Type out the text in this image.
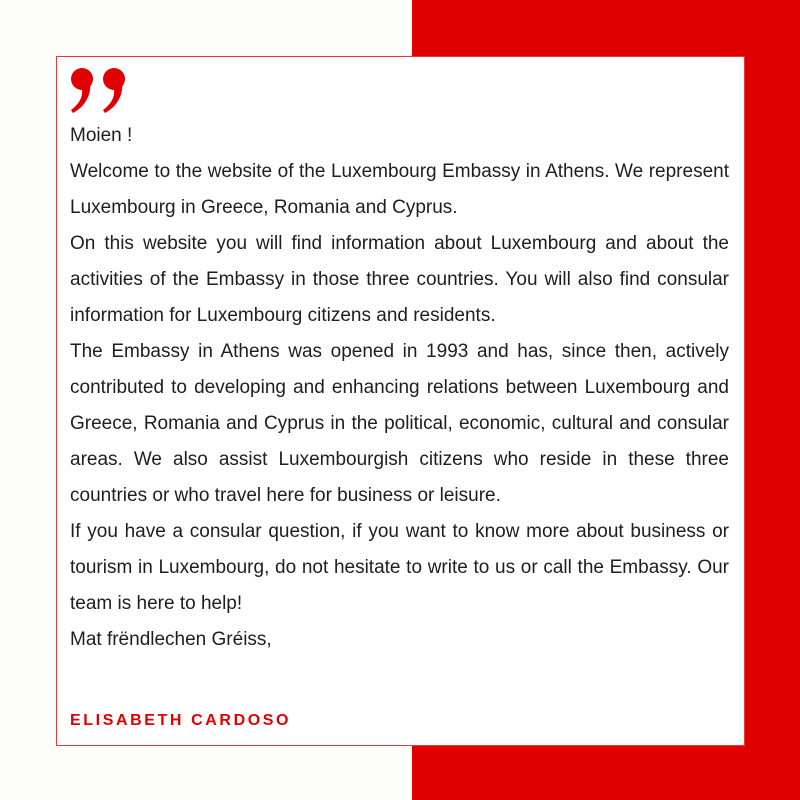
Moien !

Welcome to the website of the Luxembourg Embassy in Athens. We represent Luxembourg in Greece, Romania and Cyprus.

On this website you will find information about Luxembourg and about the activities of the Embassy in those three countries. You will also find consular information for Luxembourg citizens and residents.

The Embassy in Athens was opened in 1993 and has, since then, actively contributed to developing and enhancing relations between Luxembourg and Greece, Romania and Cyprus in the political, economic, cultural and consular areas. We also assist Luxembourgish citizens who reside in these three countries or who travel here for business or leisure.

If you have a consular question, if you want to know more about business or tourism in Luxembourg, do not hesitate to write to us or call the Embassy. Our team is here to help!

Mat frëndlechen Gréiss,

ELISABETH CARDOSO
